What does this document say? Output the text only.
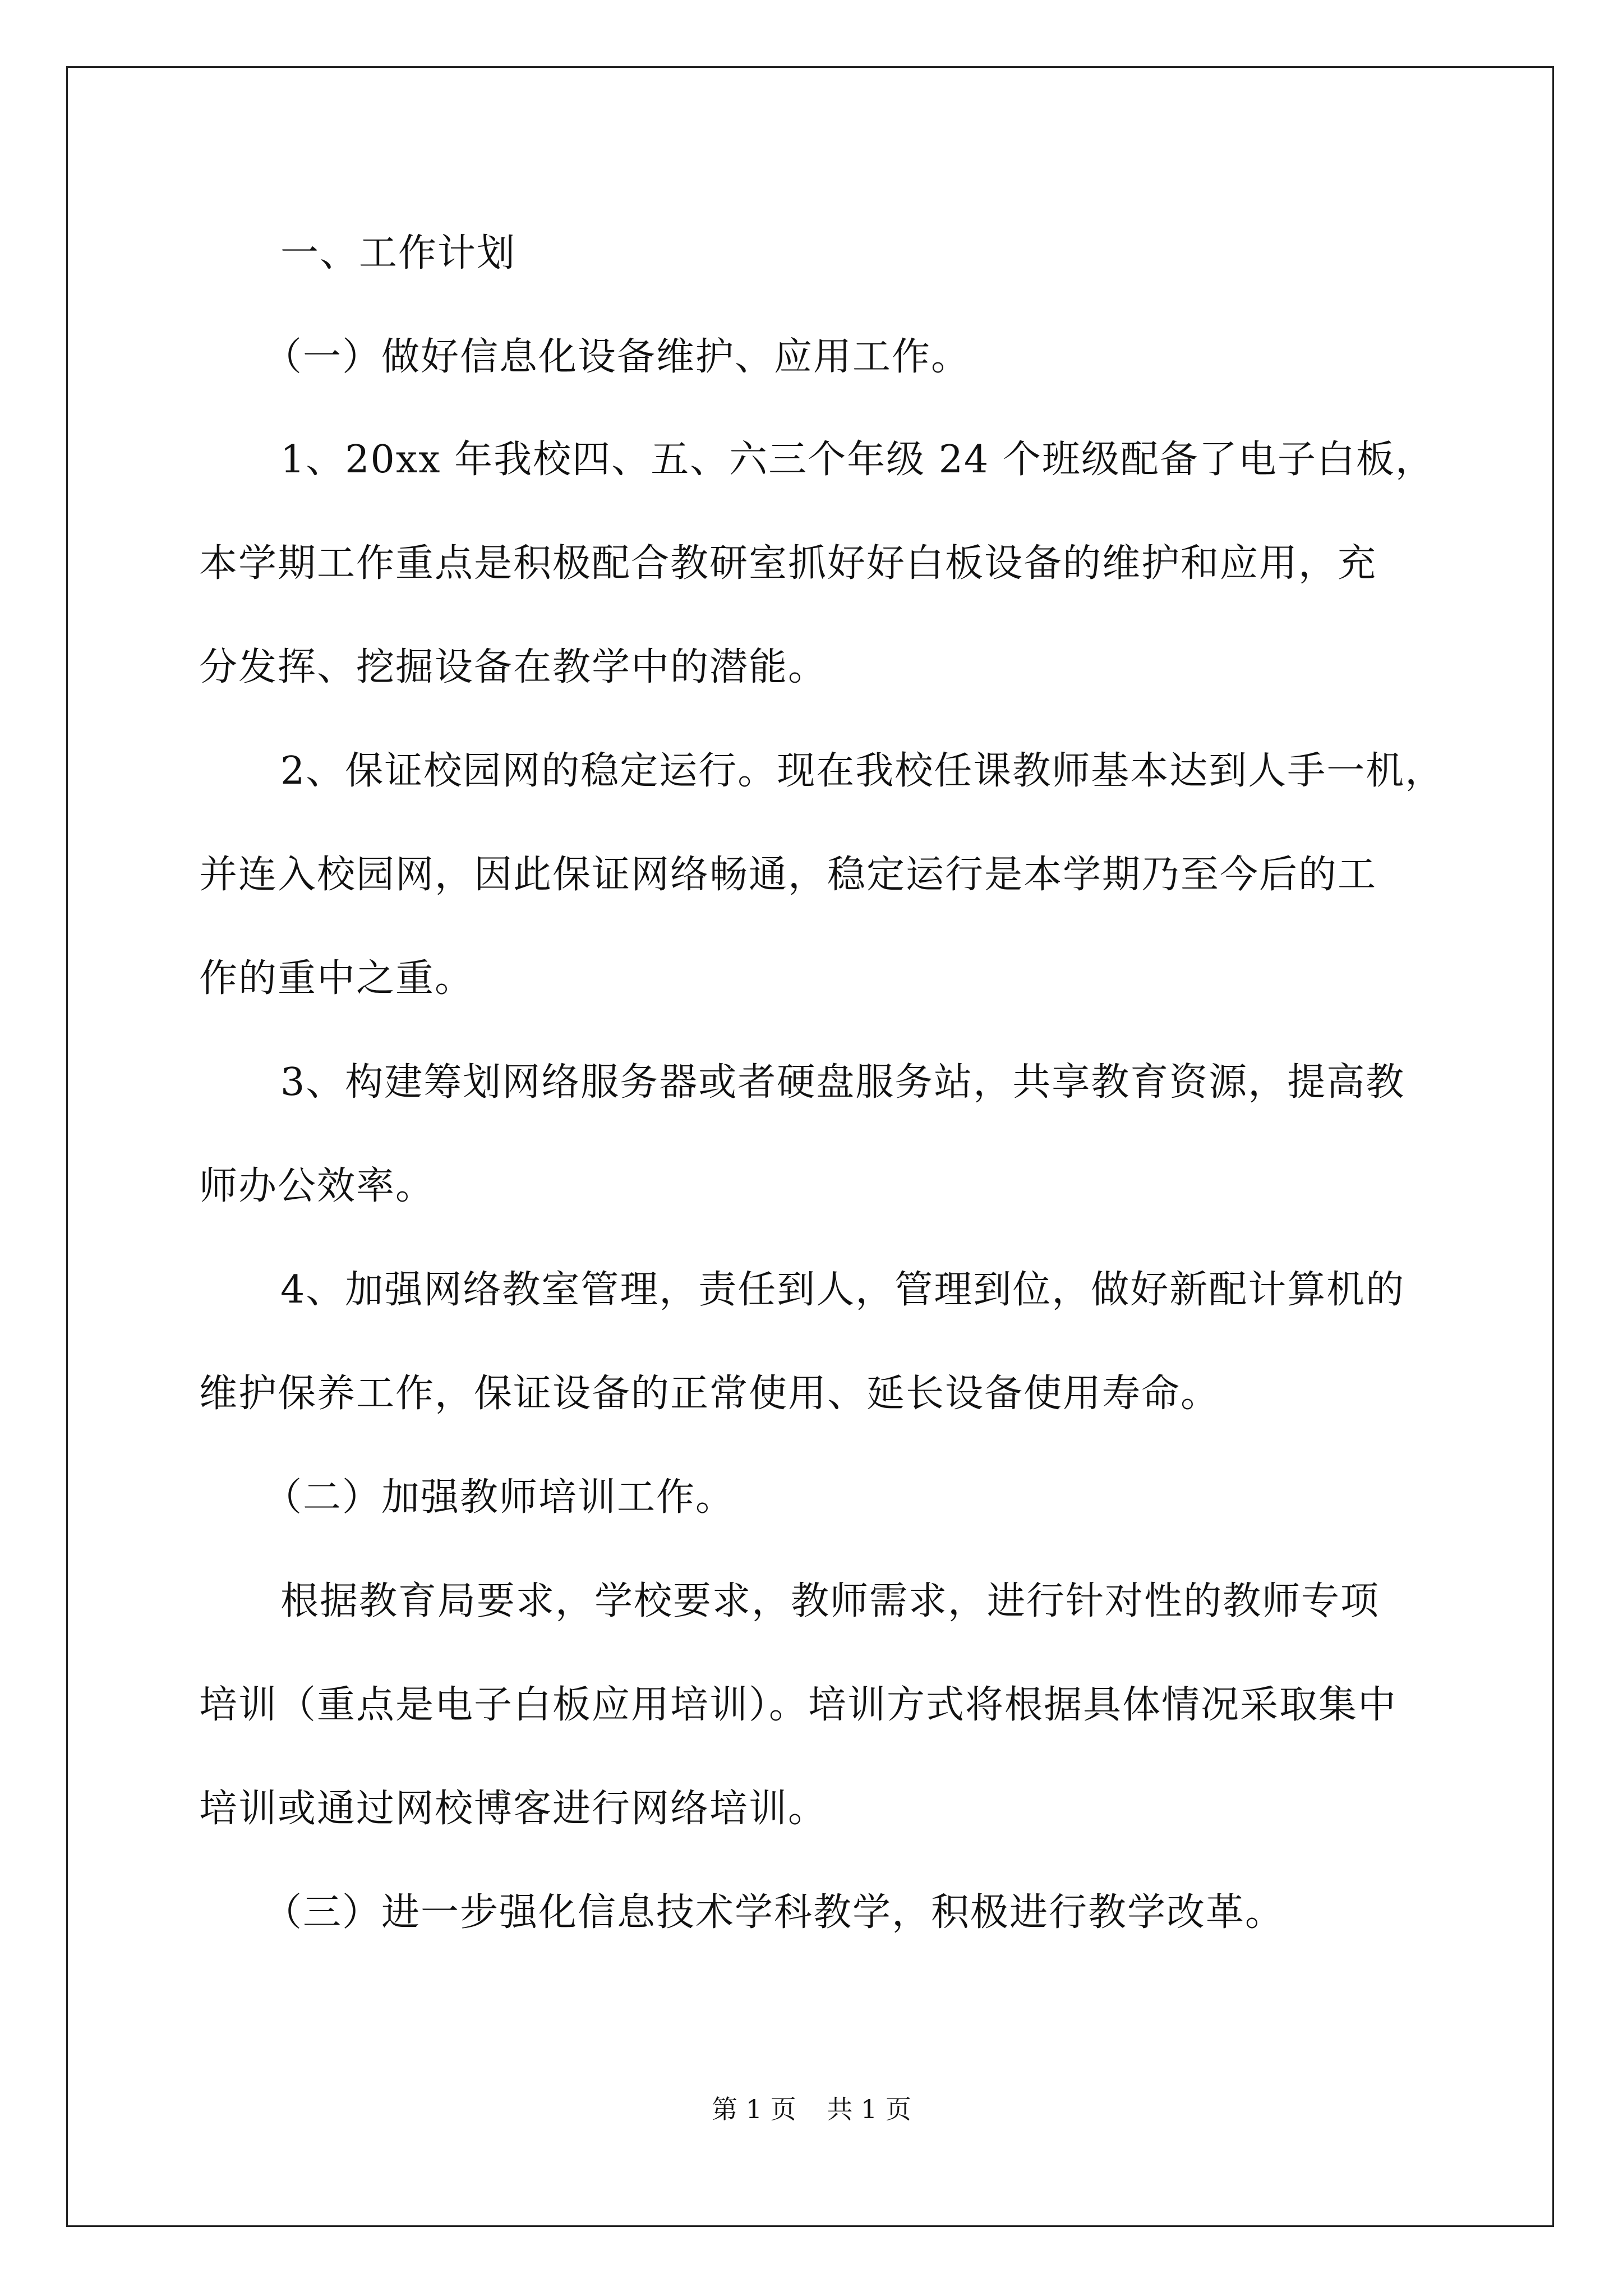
一、工作计划
（一）做好信息化设备维护、应用工作。
1、20xx 年我校四、五、六三个年级 24 个班级配备了电子白板，
本学期工作重点是积极配合教研室抓好好白板设备的维护和应用，充
分发挥、挖掘设备在教学中的潜能。
2、保证校园网的稳定运行。现在我校任课教师基本达到人手一机，
并连入校园网，因此保证网络畅通，稳定运行是本学期乃至今后的工
作的重中之重。
3、构建筹划网络服务器或者硬盘服务站，共享教育资源，提高教
师办公效率。
4、加强网络教室管理，责任到人，管理到位，做好新配计算机的
维护保养工作，保证设备的正常使用、延长设备使用寿命。
（二）加强教师培训工作。
根据教育局要求，学校要求，教师需求，进行针对性的教师专项
培训（重点是电子白板应用培训）。培训方式将根据具体情况采取集中
培训或通过网校博客进行网络培训。
（三）进一步强化信息技术学科教学，积极进行教学改革。
第 1 页 共 1 页
